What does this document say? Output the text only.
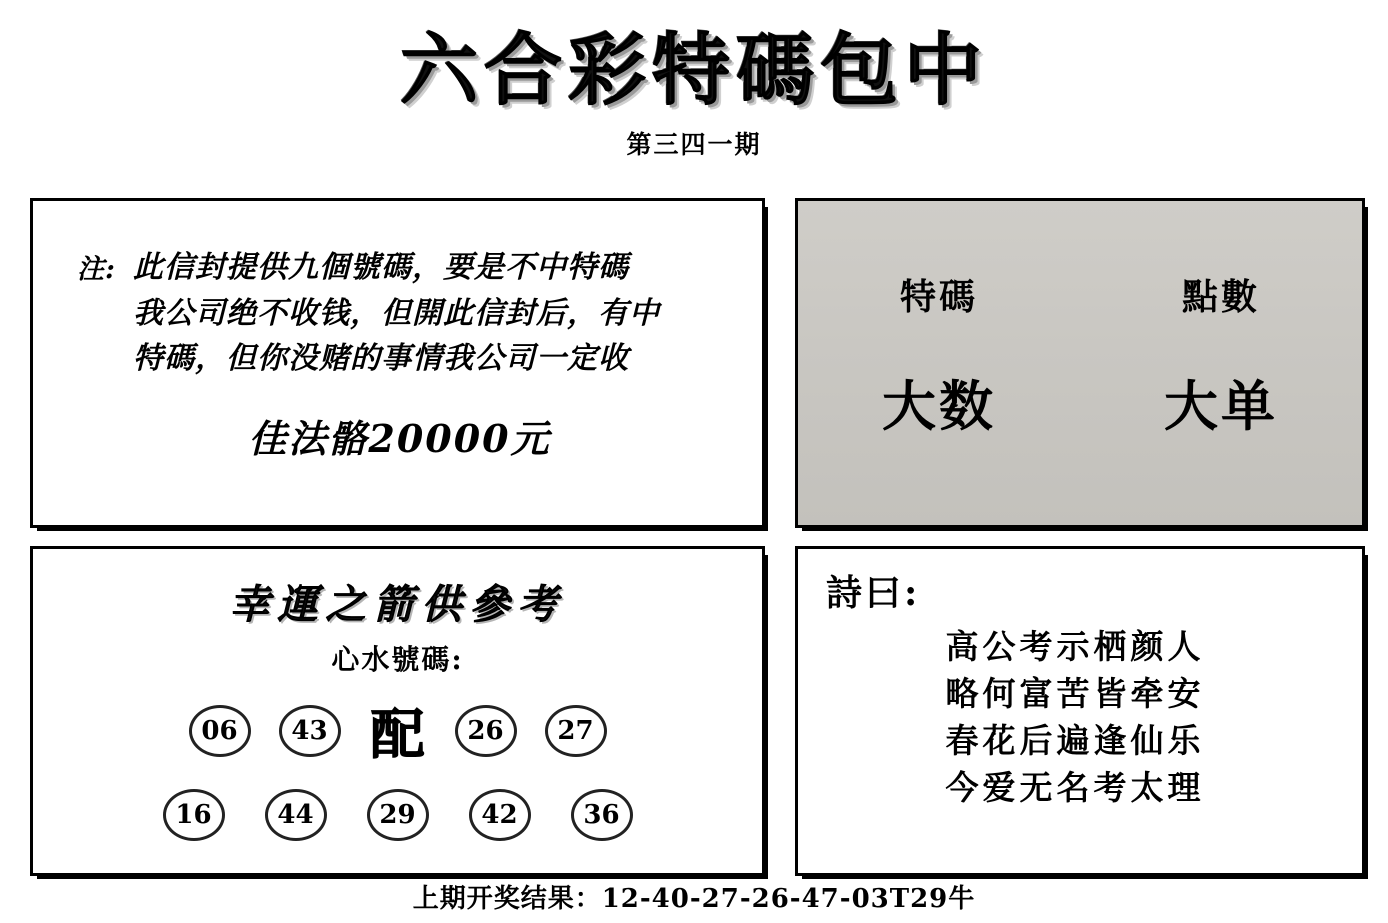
六合彩特碼包中
第三四一期
注: 此信封提供九個號碼，要是不中特碼
我公司绝不收钱，但開此信封后，有中
特碼，但你没赌的事情我公司一定收
佳法骼20000元
特碼	點數
大数	大单
幸運之箭供參考
心水號碼:
06	43 配	26	27
16	44	29	42	36
詩曰:
高公考示栖颜人
略何富苦皆牵安
春花后遍逢仙乐
今爱无名考太理
上期开奖结果：12-40-27-26-47-03T29牛
